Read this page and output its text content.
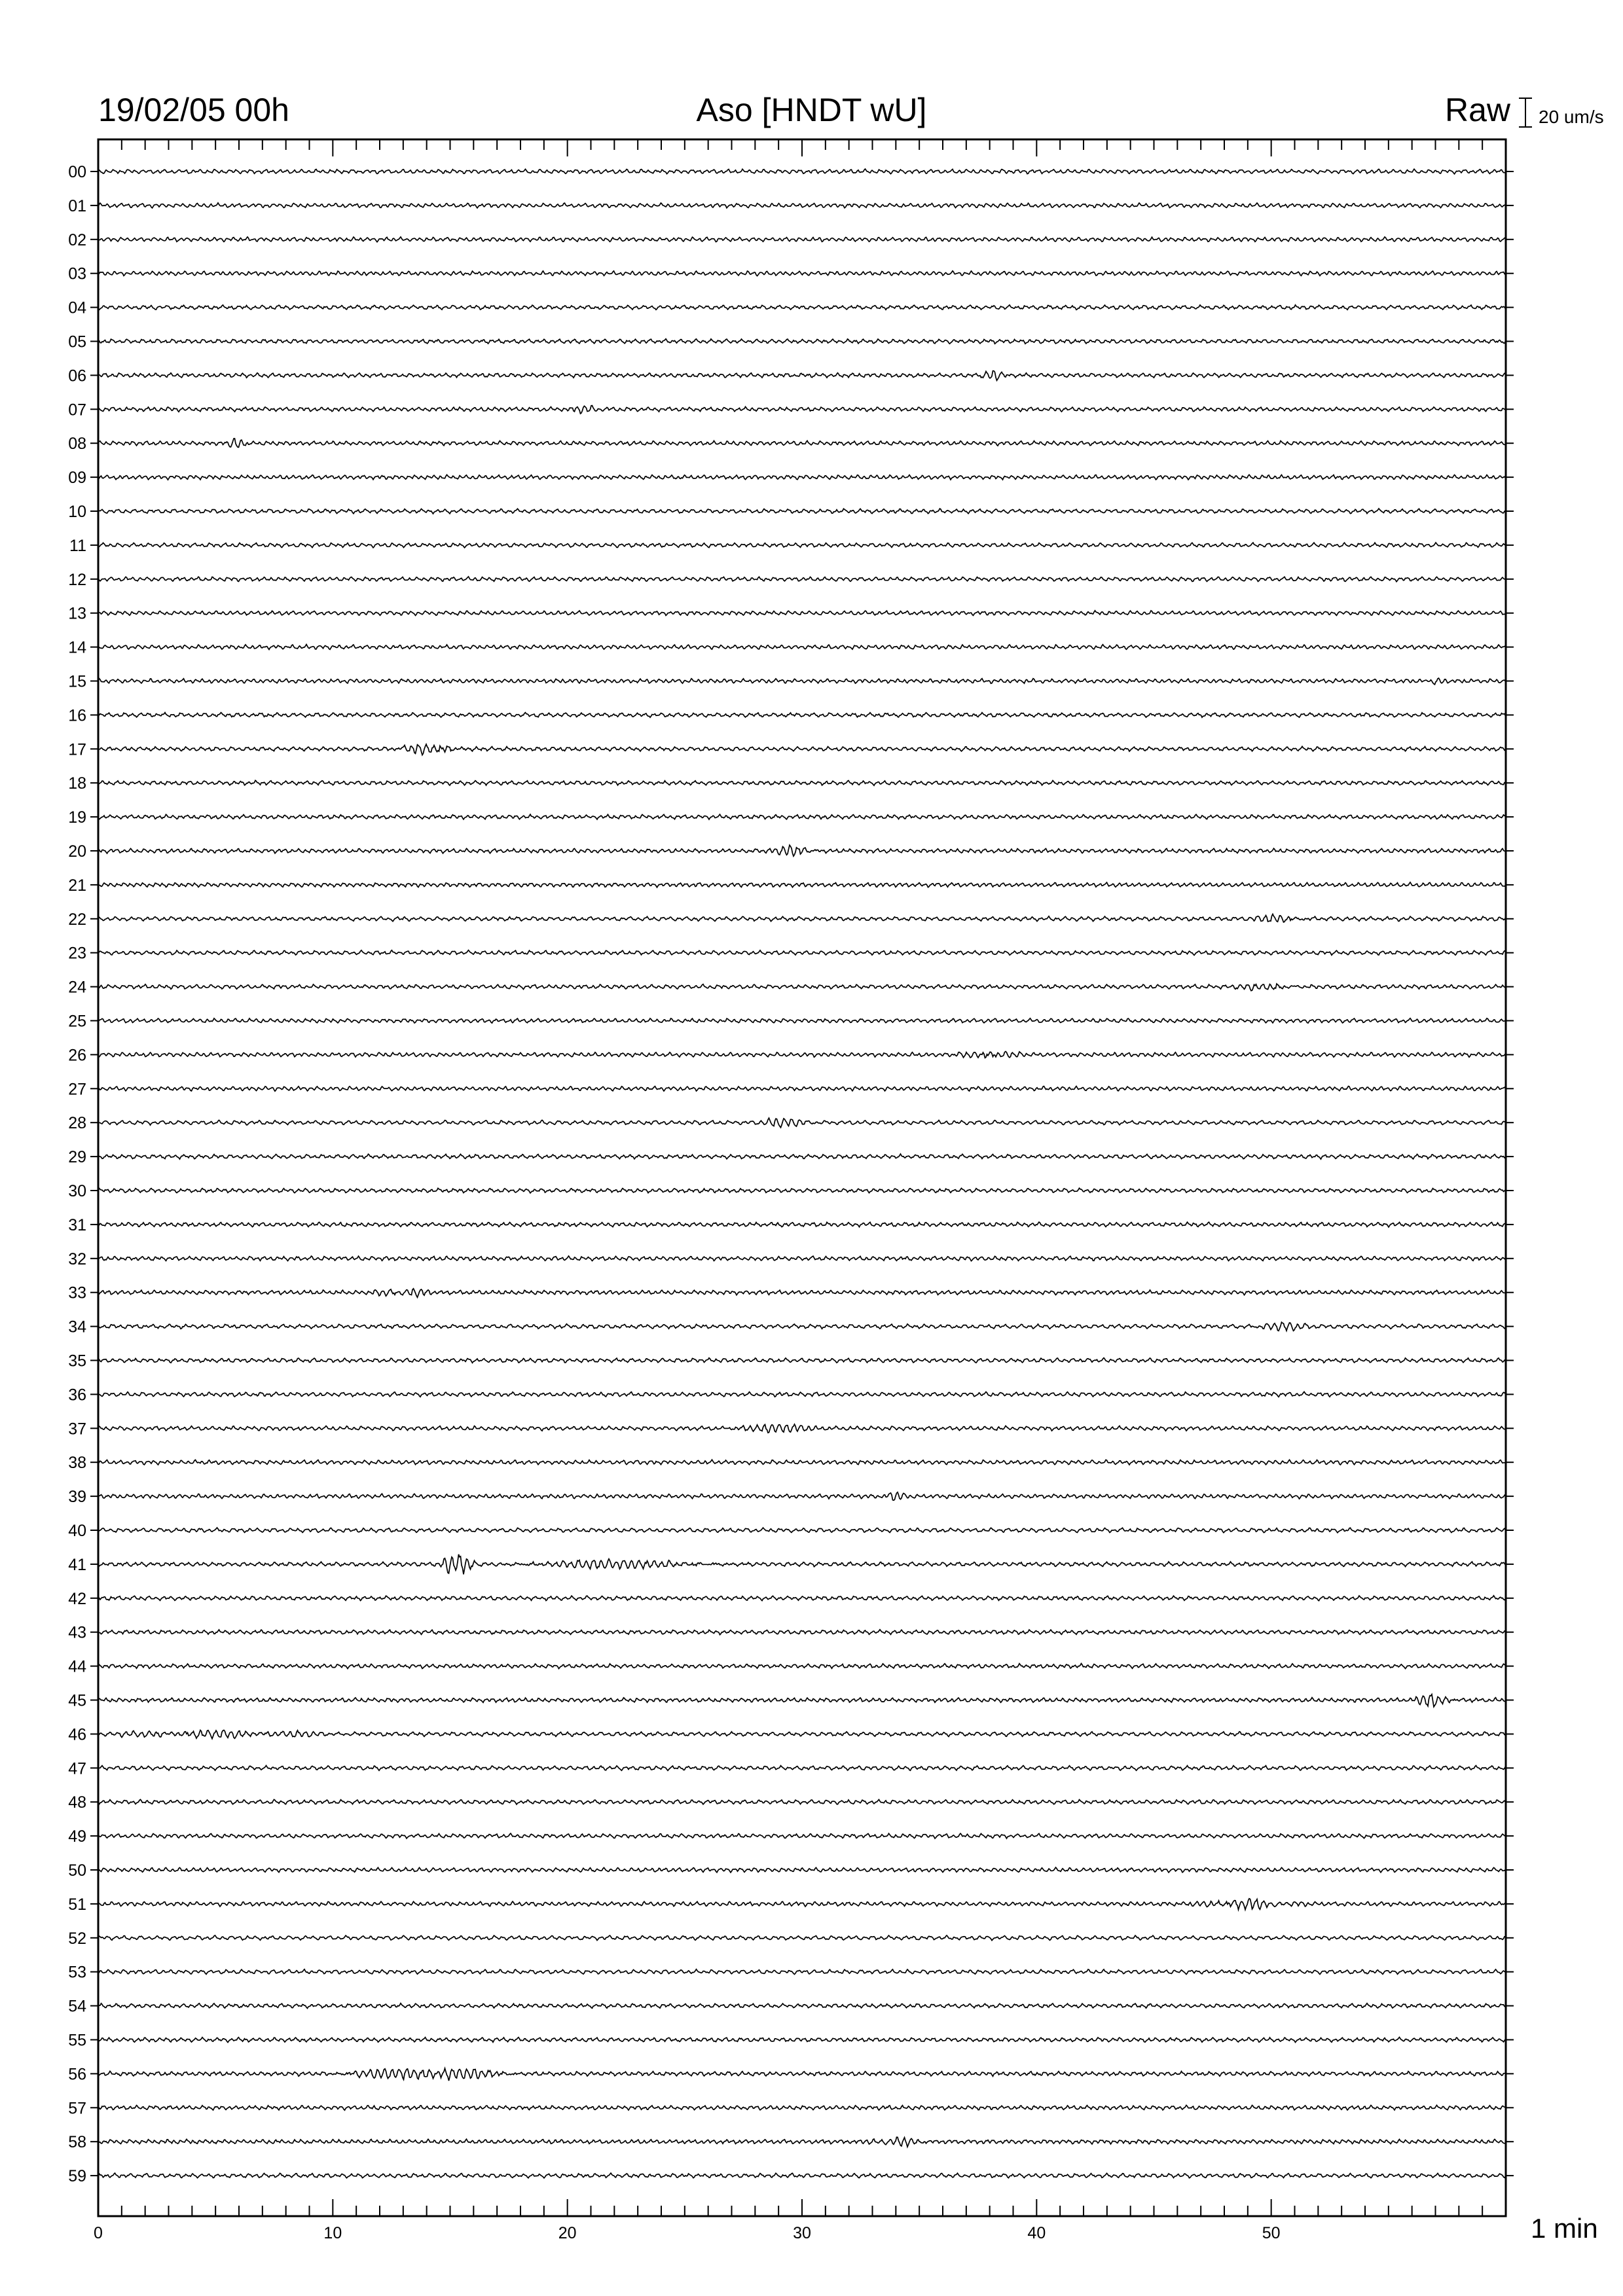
00
01
02
03
04
05
06
07
08
09
10
11
12
13
14
15
16
17
18
19
20
21
22
23
24
25
26
27
28
29
30
31
32
33
34
35
36
37
38
39
40
41
42
43
44
45
46
47
48
49
50
51
52
53
54
55
56
57
58
59
0	10	20	30	40	50
19/02/05 00h	Aso [HNDT wU]	Raw 20 um/s
1 min
